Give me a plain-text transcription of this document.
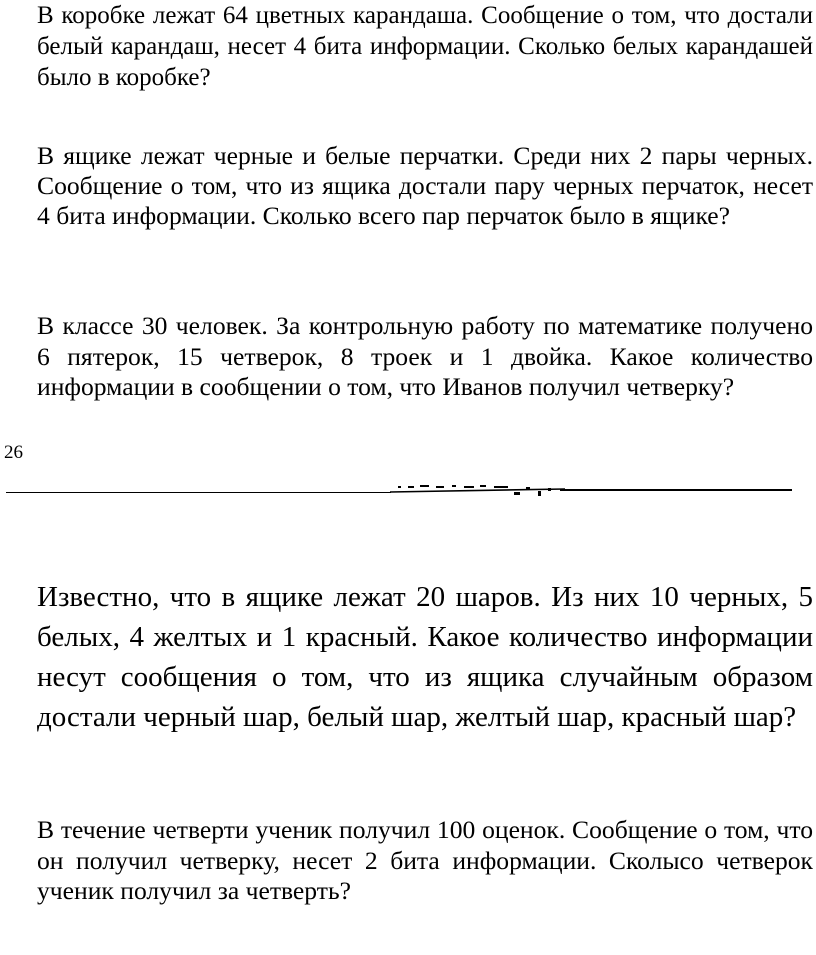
В коробке лежат 64 цветных карандаша. Сообщение о том, что достали белый карандаш, несет 4 бита информации. Сколько белых карандашей было в коробке?

В ящике лежат черные и белые перчатки. Среди них 2 пары черных. Сообщение о том, что из ящика достали пару черных перчаток, несет 4 бита информации. Сколько всего пар перчаток было в ящике?

В классе 30 человек. За контрольную работу по математике получено 6 пятерок, 15 четверок, 8 троек и 1 двойка. Какое количество информации в сообщении о том, что Иванов получил четверку?

26

Известно, что в ящике лежат 20 шаров. Из них 10 черных, 5 белых, 4 желтых и 1 красный. Какое количество информации несут сообщения о том, что из ящика случайным образом достали черный шар, белый шар, желтый шар, красный шар?

В течение четверти ученик получил 100 оценок. Сообщение о том, что он получил четверку, несет 2 бита информации. Сколысо четверок ученик получил за четверть?
